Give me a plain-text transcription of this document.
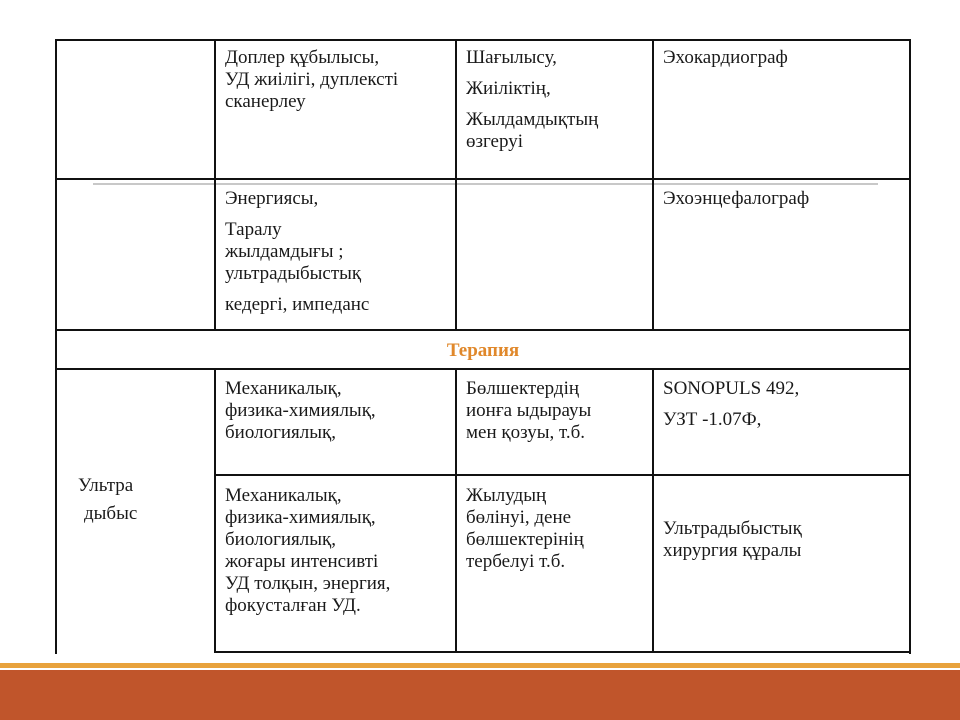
Доплер құбылысы,

УД жиілігі, дуплексті

сканерлеу

Шағылысу,

Жиіліктің,

Жылдамдықтың

өзгеруі

Эхокардиограф

Энергиясы,

Таралу

жылдамдығы ;

ультрадыбыстық

кедергі, импеданс

Эхоэнцефалограф

Терапия

Ультра

дыбыс

Механикалық,

физика-химиялық,

биологиялық,

Бөлшектердің

ионға ыдырауы

мен қозуы, т.б.

SONOPULS 492,

УЗТ -1.07Ф,

Механикалық,

физика-химиялық,

биологиялық,

жоғары интенсивті

УД толқын, энергия,

фокусталған УД.

Жылудың

бөлінуі, дене

бөлшектерінің

тербелуі т.б.

Ультрадыбыстық

хирургия құралы
